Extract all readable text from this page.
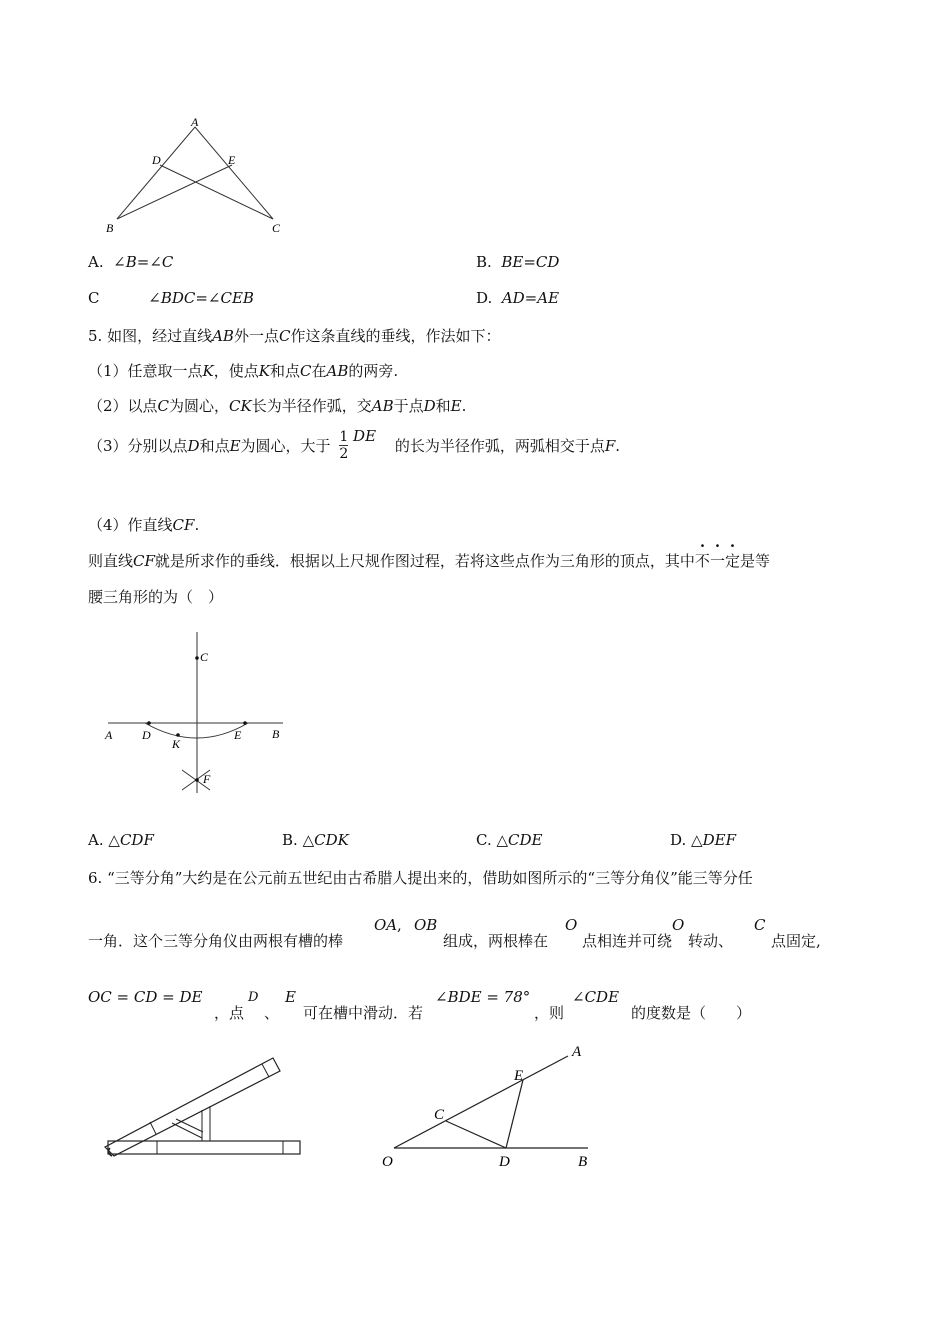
A
B	C
D	E
A. ∠B=∠C	B. BE=CD
C	∠BDC=∠CEB	D. AD=AE
5. 如图，经过直线AB外一点C作这条直线的垂线，作法如下：
（1）任意取一点K，使点K和点C在AB的两旁.
（2）以点C为圆心，CK长为半径作弧，交AB于点D和E.
（3）分别以点D和点E为圆心，大于 $\frac{1}{2}$ DE 的长为半径作弧，两弧相交于点F.
（4）作直线CF.
则直线CF就是所求作的垂线．根据以上尺规作图过程，若将这些点作为三角形的顶点，其中不一定是等
腰三角形的为（　）
C
A D
K
E	B
F
A. △CDF	B. △CDK	C. △CDE	D. △DEF
6. “三等分角”大约是在公元前五世纪由古希腊人提出来的，借助如图所示的“三等分角仪”能三等分任
一角．这个三等分角仪由两根有槽的棒
OA , OB
组成，两根棒在
O
点相连并可绕
O
转动、
C
点固定,
OC = CD = DE
，点
D
、
E
可在槽中滑动．若
∠BDE = 78°
，则
∠CDE
的度数是（　　）
A
E
C
O	D	B
